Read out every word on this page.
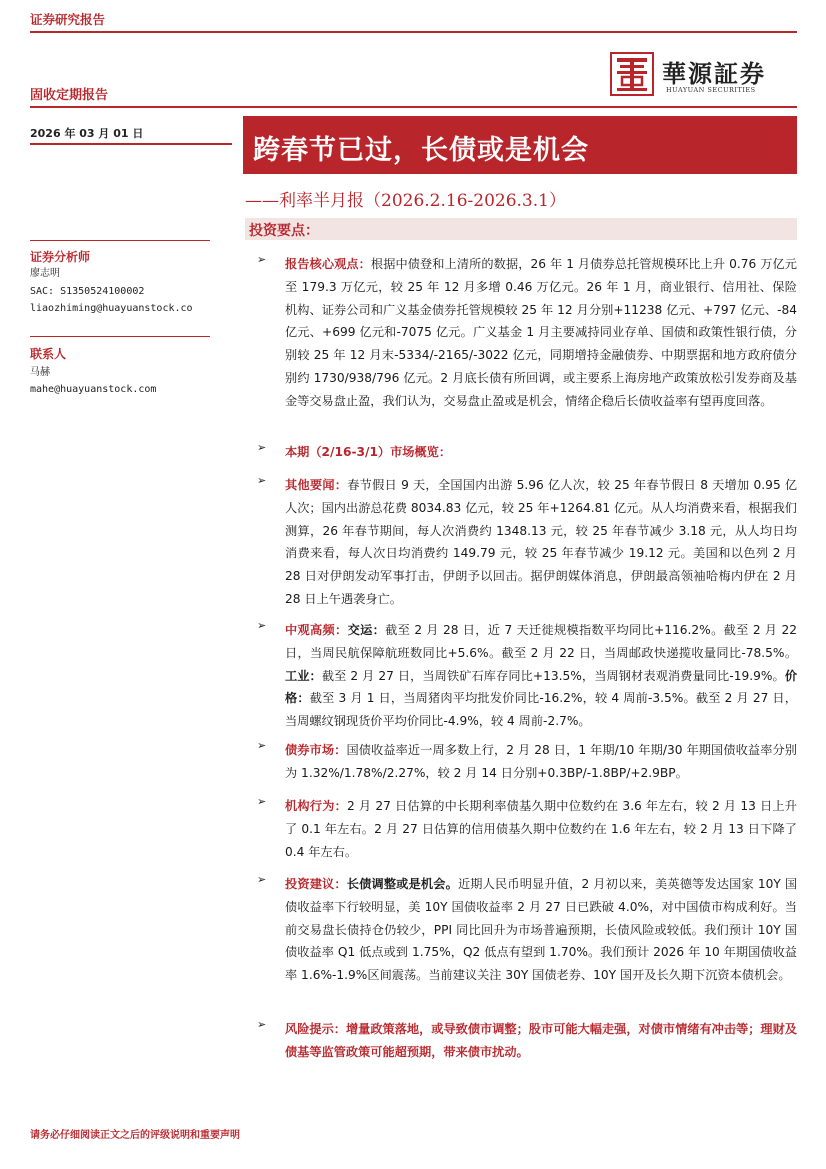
证券研究报告
固收定期报告
華源証券
HUAYUAN SECURITIES
2026 年 03 月 01 日
跨春节已过，长债或是机会
——利率半月报（2026.2.16-2026.3.1）
投资要点：
证券分析师
廖志明
SAC: S1350524100002
liaozhiming@huayuanstock.co
联系人
马赫
mahe@huayuanstock.com
➢ 报告核心观点：根据中债登和上清所的数据，26 年 1 月债券总托管规模环比上升 0.76 万亿元至 179.3 万亿元，较 25 年 12 月多增 0.46 万亿元。26 年 1 月，商业银行、信用社、保险机构、证券公司和广义基金债券托管规模较 25 年 12 月分别+11238 亿元、+797 亿元、-84 亿元、+699 亿元和-7075 亿元。广义基金 1 月主要减持同业存单、国债和政策性银行债，分别较 25 年 12 月末-5334/-2165/-3022 亿元，同期增持金融债券、中期票据和地方政府债分别约 1730/938/796 亿元。2 月底长债有所回调，或主要系上海房地产政策放松引发券商及基金等交易盘止盈，我们认为，交易盘止盈或是机会，情绪企稳后长债收益率有望再度回落。
➢ 本期（2/16-3/1）市场概览：
➢ 其他要闻：春节假日 9 天，全国国内出游 5.96 亿人次，较 25 年春节假日 8 天增加 0.95 亿人次；国内出游总花费 8034.83 亿元，较 25 年+1264.81 亿元。从人均消费来看，根据我们测算，26 年春节期间，每人次消费约 1348.13 元，较 25 年春节减少 3.18 元，从人均日均消费来看，每人次日均消费约 149.79 元，较 25 年春节减少 19.12 元。美国和以色列 2 月 28 日对伊朗发动军事打击，伊朗予以回击。据伊朗媒体消息，伊朗最高领袖哈梅内伊在 2 月 28 日上午遇袭身亡。
➢ 中观高频：交运：截至 2 月 28 日，近 7 天迁徙规模指数平均同比+116.2%。截至 2 月 22 日，当周民航保障航班数同比+5.6%。截至 2 月 22 日，当周邮政快递揽收量同比-78.5%。工业：截至 2 月 27 日，当周铁矿石库存同比+13.5%，当周钢材表观消费量同比-19.9%。价格：截至 3 月 1 日，当周猪肉平均批发价同比-16.2%，较 4 周前-3.5%。截至 2 月 27 日，当周螺纹钢现货价平均价同比-4.9%，较 4 周前-2.7%。
➢ 债券市场：国债收益率近一周多数上行，2 月 28 日，1 年期/10 年期/30 年期国债收益率分别为 1.32%/1.78%/2.27%，较 2 月 14 日分别+0.3BP/-1.8BP/+2.9BP。
➢ 机构行为：2 月 27 日估算的中长期利率债基久期中位数约在 3.6 年左右，较 2 月 13 日上升了 0.1 年左右。2 月 27 日估算的信用债基久期中位数约在 1.6 年左右，较 2 月 13 日下降了 0.4 年左右。
➢ 投资建议：长债调整或是机会。近期人民币明显升值，2 月初以来，美英德等发达国家 10Y 国债收益率下行较明显，美 10Y 国债收益率 2 月 27 日已跌破 4.0%，对中国债市构成利好。当前交易盘长债持仓仍较少，PPI 同比回升为市场普遍预期，长债风险或较低。我们预计 10Y 国债收益率 Q1 低点或到 1.75%，Q2 低点有望到 1.70%。我们预计 2026 年 10 年期国债收益率 1.6%-1.9%区间震荡。当前建议关注 30Y 国债老券、10Y 国开及长久期下沉资本债机会。
➢ 风险提示：增量政策落地，或导致债市调整；股市可能大幅走强，对债市情绪有冲击等；理财及债基等监管政策可能超预期，带来债市扰动。
请务必仔细阅读正文之后的评级说明和重要声明
